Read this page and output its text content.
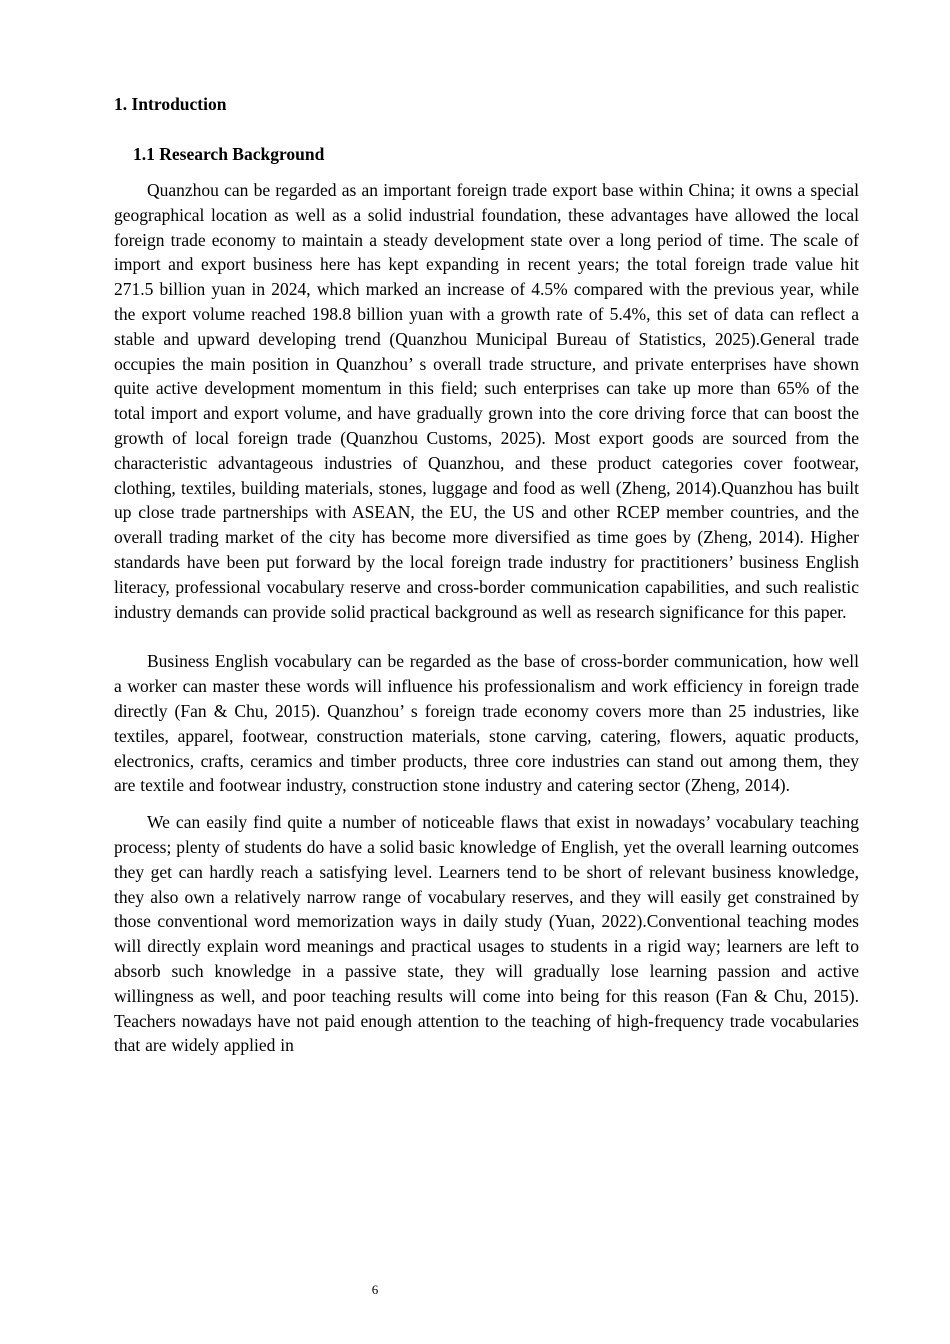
1. Introduction
1.1 Research Background

Quanzhou can be regarded as an important foreign trade export base within China; it owns a special geographical location as well as a solid industrial foundation, these advantages have allowed the local foreign trade economy to maintain a steady development state over a long period of time. The scale of import and export business here has kept expanding in recent years; the total foreign trade value hit 271.5 billion yuan in 2024, which marked an increase of 4.5% compared with the previous year, while the export volume reached 198.8 billion yuan with a growth rate of 5.4%, this set of data can reflect a stable and upward developing trend (Quanzhou Municipal Bureau of Statistics, 2025).General trade occupies the main position in Quanzhou’ s overall trade structure, and private enterprises have shown quite active development momentum in this field; such enterprises can take up more than 65% of the total import and export volume, and have gradually grown into the core driving force that can boost the growth of local foreign trade (Quanzhou Customs, 2025). Most export goods are sourced from the characteristic advantageous industries of Quanzhou, and these product categories cover footwear, clothing, textiles, building materials, stones, luggage and food as well (Zheng, 2014).Quanzhou has built up close trade partnerships with ASEAN, the EU, the US and other RCEP member countries, and the overall trading market of the city has become more diversified as time goes by (Zheng, 2014). Higher standards have been put forward by the local foreign trade industry for practitioners’ business English literacy, professional vocabulary reserve and cross-border communication capabilities, and such realistic industry demands can provide solid practical background as well as research significance for this paper.

Business English vocabulary can be regarded as the base of cross-border communication, how well a worker can master these words will influence his professionalism and work efficiency in foreign trade directly (Fan & Chu, 2015). Quanzhou’ s foreign trade economy covers more than 25 industries, like textiles, apparel, footwear, construction materials, stone carving, catering, flowers, aquatic products, electronics, crafts, ceramics and timber products, three core industries can stand out among them, they are textile and footwear industry, construction stone industry and catering sector (Zheng, 2014).

We can easily find quite a number of noticeable flaws that exist in nowadays’ vocabulary teaching process; plenty of students do have a solid basic knowledge of English, yet the overall learning outcomes they get can hardly reach a satisfying level. Learners tend to be short of relevant business knowledge, they also own a relatively narrow range of vocabulary reserves, and they will easily get constrained by those conventional word memorization ways in daily study (Yuan, 2022).Conventional teaching modes will directly explain word meanings and practical usages to students in a rigid way; learners are left to absorb such knowledge in a passive state, they will gradually lose learning passion and active willingness as well, and poor teaching results will come into being for this reason (Fan & Chu, 2015). Teachers nowadays have not paid enough attention to the teaching of high-frequency trade vocabularies that are widely applied in

6
